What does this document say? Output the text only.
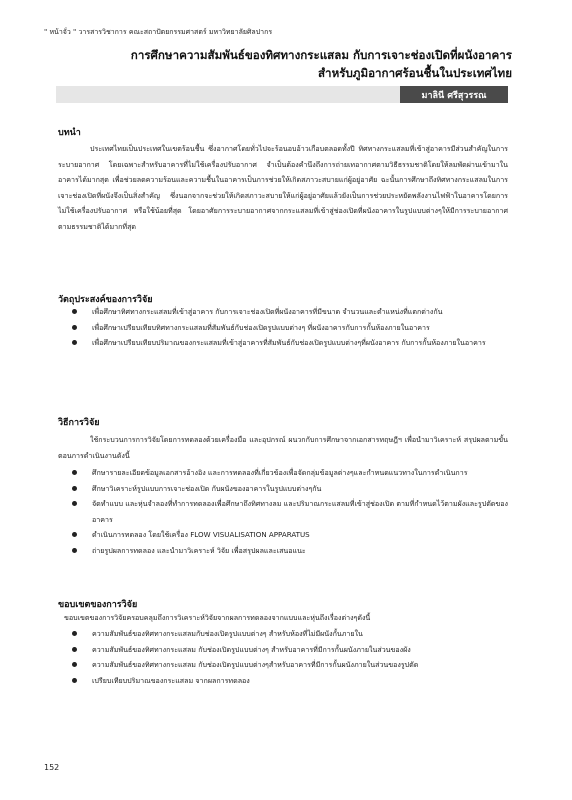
" หน้าจั่ว " วารสารวิชาการ คณะสถาปัตยกรรมศาสตร์ มหาวิทยาลัยศิลปากร
การศึกษาความสัมพันธ์ของทิศทางกระแสลม กับการเจาะช่องเปิดที่ผนังอาคาร
สำหรับภูมิอากาศร้อนชื้นในประเทศไทย
มาลินี ศรีสุวรรณ
บทนำ
ประเทศไทยเป็นประเทศในเขตร้อนชื้น ซึ่งอากาศโดยทั่วไปจะร้อนอบอ้าวเกือบตลอดทั้งปี ทิศทางกระแสลมที่เข้าสู่อาคารมีส่วนสำคัญในการระบายอากาศ โดยเฉพาะสำหรับอาคารที่ไม่ใช้เครื่องปรับอากาศ จำเป็นต้องคำนึงถึงการถ่ายเทอากาศตามวิธีธรรมชาติโดยให้ลมพัดผ่านเข้ามาในอาคารได้มากสุด เพื่อช่วยลดความร้อนและความชื้นในอาคารเป็นการช่วยให้เกิดสภาวะสบายแก่ผู้อยู่อาศัย ฉะนั้นการศึกษาถึงทิศทางกระแสลมในการเจาะช่องเปิดที่ผนังจึงเป็นสิ่งสำคัญ ซึ่งนอกจากจะช่วยให้เกิดสภาวะสบายให้แก่ผู้อยู่อาศัยแล้วยังเป็นการช่วยประหยัดพลังงานไฟฟ้าในอาคารโดยการไม่ใช้เครื่องปรับอากาศ หรือใช้น้อยที่สุด โดยอาศัยการระบายอากาศจากกระแสลมที่เข้าสู่ช่องเปิดที่ผนังอาคารในรูปแบบต่างๆให้มีการระบายอากาศตามธรรมชาติได้มากที่สุด
วัตถุประสงค์ของการวิจัย
เพื่อศึกษาทิศทางกระแสลมที่เข้าสู่อาคาร กับการเจาะช่องเปิดที่ผนังอาคารที่มีขนาด จำนวนและตำแหน่งที่แตกต่างกัน
เพื่อศึกษาเปรียบเทียบทิศทางกระแสลมที่สัมพันธ์กับช่องเปิดรูปแบบต่างๆ ที่ผนังอาคารกับการกั้นห้องภายในอาคาร
เพื่อศึกษาเปรียบเทียบปริมาณของกระแสลมที่เข้าสู่อาคารที่สัมพันธ์กับช่องเปิดรูปแบบต่างๆที่ผนังอาคาร กับการกั้นห้องภายในอาคาร
วิธีการวิจัย
ใช้กระบวนการการวิจัยโดยการทดลองด้วยเครื่องมือ และอุปกรณ์ ผนวกกับการศึกษาจากเอกสารทฤษฎีฯ เพื่อนำมาวิเคราะห์ สรุปผลตามขั้นตอนการดำเนินงานดังนี้
ศึกษารายละเอียดข้อมูลเอกสารอ้างอิง และการทดลองที่เกี่ยวข้องเพื่อจัดกลุ่มข้อมูลต่างๆและกำหนดแนวทางในการดำเนินการ
ศึกษาวิเคราะห์รูปแบบการเจาะช่องเปิด กับผนังของอาคารในรูปแบบต่างๆกัน
จัดทำแบบ และหุ่นจำลองที่ทำการทดลองเพื่อศึกษาถึงทิศทางลม และปริมาณกระแสลมที่เข้าสู่ช่องเปิด ตามที่กำหนดไว้ตามผังและรูปตัดของอาคาร
ดำเนินการทดลอง โดยใช้เครื่อง FLOW VISUALISATION APPARATUS
ถ่ายรูปผลการทดลอง และนำมาวิเคราะห์ วิจัย เพื่อสรุปผลและเสนอแนะ
ขอบเขตของการวิจัย
ขอบเขตของการวิจัยครอบคลุมถึงการวิเคราะห์วิจัยจากผลการทดลองจากแบบและหุ่นถึงเรื่องต่างๆดังนี้
ความสัมพันธ์ของทิศทางกระแสลมกับช่องเปิดรูปแบบต่างๆ สำหรับห้องที่ไม่มีผนังกั้นภายใน
ความสัมพันธ์ของทิศทางกระแสลม กับช่องเปิดรูปแบบต่างๆ สำหรับอาคารที่มีการกั้นผนังภายในส่วนของผัง
ความสัมพันธ์ของทิศทางกระแสลม กับช่องเปิดรูปแบบต่างๆสำหรับอาคารที่มีการกั้นผนังภายในส่วนของรูปตัด
เปรียบเทียบปริมาณของกระแสลม จากผลการทดลอง
152
